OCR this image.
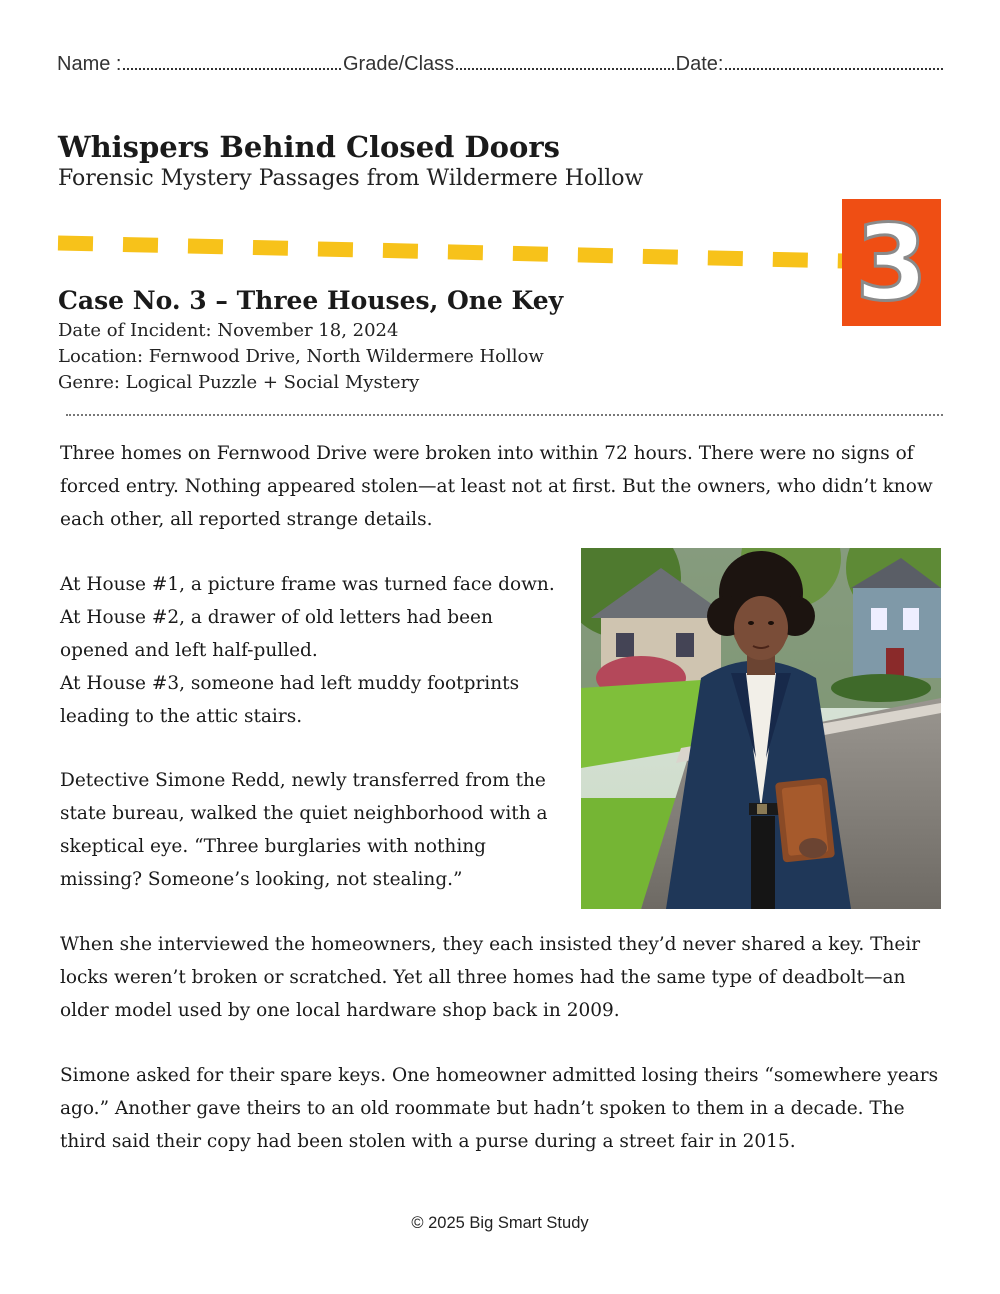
Name :	Grade/Class	Date:
Whispers Behind Closed Doors
Forensic Mystery Passages from Wildermere Hollow
3
Case No. 3 – Three Houses, One Key
Date of Incident: November 18, 2024
Location: Fernwood Drive, North Wildermere Hollow
Genre: Logical Puzzle + Social Mystery
Three homes on Fernwood Drive were broken into within 72 hours. There were no signs of forced entry. Nothing appeared stolen—at least not at first. But the owners, who didn’t know each other, all reported strange details.
At House #1, a picture frame was turned face down.
At House #2, a drawer of old letters had been opened and left half-pulled.
At House #3, someone had left muddy footprints leading to the attic stairs.
Detective Simone Redd, newly transferred from the state bureau, walked the quiet neighborhood with a skeptical eye. “Three burglaries with nothing missing? Someone’s looking, not stealing.”
When she interviewed the homeowners, they each insisted they’d never shared a key. Their locks weren’t broken or scratched. Yet all three homes had the same type of deadbolt—an older model used by one local hardware shop back in 2009.
Simone asked for their spare keys. One homeowner admitted losing theirs “somewhere years ago.” Another gave theirs to an old roommate but hadn’t spoken to them in a decade. The third said their copy had been stolen with a purse during a street fair in 2015.
© 2025 Big Smart Study
